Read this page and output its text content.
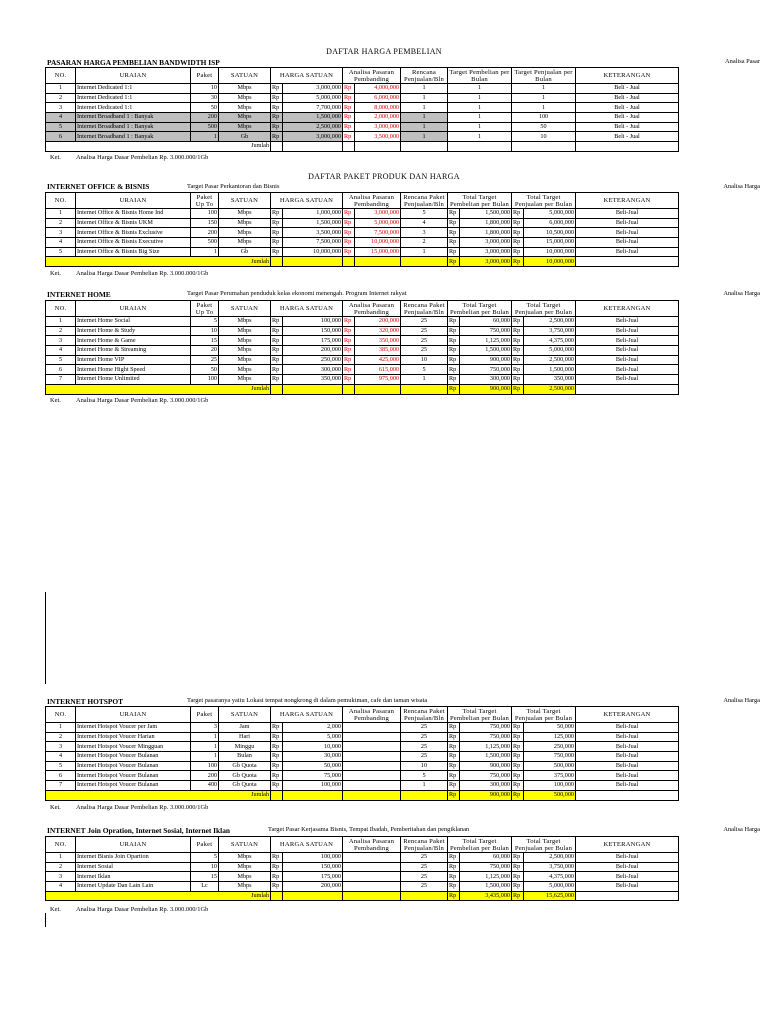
DAFTAR HARGA PEMBELIAN
PASARAN HARGA PEMBELIAN BANDWIDTH ISP	Analisa Pasar
NO.	URAIAN	Paket	SATUAN	HARGA SATUAN		Analisa Pasaran Pembanding		Rencana Penjualan/Bln	Target Pembelian per Bulan	Target Penjualan per Bulan	KETERANGAN
1	Internet Dedicated 1:1	10	Mbps	Rp	3,000,000	Rp	4,000,000	1	1	1	Beli - Jual
2	Internet Dedicated 1:1	30	Mbps	Rp	5,000,000	Rp	6,000,000	1	1	1	Beli - Jual
3	Internet Dedicated 1:1	50	Mbps	Rp	7,700,000	Rp	8,000,000	1	1	1	Beli - Jual
4	Internet Broadband 1 : Banyak	200	Mbps	Rp	1,500,000	Rp	2,000,000	1	1	100	Beli - Jual
5	Internet Broadband 1 : Banyak	500	Mbps	Rp	2,500,000	Rp	3,000,000	1	1	50	Beli - Jual
6	Internet Broadband 1 : Banyak	1	Gb	Rp	3,000,000	Rp	3,500,000	1	1	10	Beli - Jual
Jumlah											
Ket. Analisa Harga Dasar Pembelian Rp. 3.000.000/1Gb
DAFTAR PAKET PRODUK DAN HARGA
INTERNET OFFICE & BISNIS	Target Pasar Perkantoran dan Bisnis	Analisa Harga
NO.	URAIAN	Paket Up To	SATUAN	HARGA SATUAN		Analisa Pasaran Pembanding		Rencana Paket Penjualan/Bln	Total Target Pembelian per Bulan		Total Target Penjualan per Bulan		KETERANGAN
1	Internet Office & Bisnis Home Ind	100	Mbps	Rp	1,000,000	Rp	3,000,000	5	Rp	1,500,000	Rp	5,000,000	Beli-Jual
2	Internet Office & Bisnis UKM	150	Mbps	Rp	1,500,000	Rp	5,000,000	4	Rp	1,800,000	Rp	6,000,000	Beli-Jual
3	Internet Office & Bisnis Exclusive	200	Mbps	Rp	3,500,000	Rp	7,500,000	3	Rp	1,800,000	Rp	10,500,000	Beli-Jual
4	Internet Office & Bisnis Executive	500	Mbps	Rp	7,500,000	Rp	10,000,000	2	Rp	3,000,000	Rp	15,000,000	Beli-Jual
5	Internet Office & Bisnis Big Size	1	Gb	Rp	10,000,000	Rp	15,000,000	1	Rp	3,000,000	Rp	10,000,000	Beli-Jual
Jumlah									Rp	3,000,000	Rp	10,000,000	
Ket. Analisa Harga Dasar Pembelian Rp. 3.000.000/1Gb
INTERNET HOME	Target Pasar Perumahan penduduk kelas ekonomi menengah. Program Internet rakyat	Analisa Harga
NO.	URAIAN	Paket Up To	SATUAN	HARGA SATUAN		Analisa Pasaran Pembanding		Rencana Paket Penjualan/Bln	Total Target Pembelian per Bulan		Total Target Penjualan per Bulan		KETERANGAN
1	Internet Home Social	5	Mbps	Rp	100,000	Rp	200,000	25	Rp	60,000	Rp	2,500,000	Beli-Jual
2	Internet Home & Study	10	Mbps	Rp	150,000	Rp	320,000	25	Rp	750,000	Rp	3,750,000	Beli-Jual
3	Internet Home & Game	15	Mbps	Rp	175,000	Rp	350,000	25	Rp	1,125,000	Rp	4,375,000	Beli-Jual
4	Internet Home & Streaming	20	Mbps	Rp	200,000	Rp	385,000	25	Rp	1,500,000	Rp	5,000,000	Beli-Jual
5	Internet Home VIP	25	Mbps	Rp	250,000	Rp	425,000	10	Rp	900,000	Rp	2,500,000	Beli-Jual
6	Internet Home Hight Speed	50	Mbps	Rp	300,000	Rp	615,000	5	Rp	750,000	Rp	1,500,000	Beli-Jual
7	Internet Home Unlimited	100	Mbps	Rp	350,000	Rp	975,000	1	Rp	300,000	Rp	350,000	Beli-Jual
Jumlah									Rp	900,000	Rp	2,500,000	
Ket. Analisa Harga Dasar Pembelian Rp. 3.000.000/1Gb
INTERNET HOTSPOT	Target pasaranya yaitu Lokasi tempat nongkrong di dalam pemukiman, cafe dan taman wisata	Analisa Harga
NO.	URAIAN	Paket	SATUAN	HARGA SATUAN		Analisa Pasaran Pembanding	Rencana Paket Penjualan/Bln	Total Target Pembelian per Bulan		Total Target Penjualan per Bulan		KETERANGAN
1	Internet Hotspot Voucer per Jam	3	Jam	Rp	2,000		25	Rp	750,000	Rp	50,000	Beli-Jual
2	Internet Hotspot Voucer Harian	1	Hari	Rp	5,000		25	Rp	750,000	Rp	125,000	Beli-Jual
3	Internet Hotspot Voucer Mingguan	1	Minggu	Rp	10,000		25	Rp	1,125,000	Rp	250,000	Beli-Jual
4	Internet Hotspot Voucer Bulanan	1	Bulan	Rp	30,000		25	Rp	1,500,000	Rp	750,000	Beli-Jual
5	Internet Hotspot Voucer Bulanan	100	Gb Quota	Rp	50,000		10	Rp	900,000	Rp	500,000	Beli-Jual
6	Internet Hotspot Voucer Bulanan	200	Gb Quota	Rp	75,000		5	Rp	750,000	Rp	375,000	Beli-Jual
7	Internet Hotspot Voucer Bulanan	400	Gb Quota	Rp	100,000		1	Rp	300,000	Rp	100,000	Beli-Jual
Jumlah								Rp	900,000	Rp	500,000	
Ket. Analisa Harga Dasar Pembelian Rp. 3.000.000/1Gb
INTERNET Join Opration, Internet Sosial, Internet Iklan	Target Pasar Kerjasama Bisnis, Tempat Ibadah, Pemberitahan dan pengiklanan	Analisa Harga
NO.	URAIAN	Paket	SATUAN	HARGA SATUAN		Analisa Pasaran Pembanding	Rencana Paket Penjualan/Bln	Total Target Pembelian per Bulan		Total Target Penjualan per Bulan		KETERANGAN
1	Internet Bisnis Join Opartion	5	Mbps	Rp	100,000		25	Rp	60,000	Rp	2,500,000	Beli-Jual
2	Internet Sosial	10	Mbps	Rp	150,000		25	Rp	750,000	Rp	3,750,000	Beli-Jual
3	Internet Iklan	15	Mbps	Rp	175,000		25	Rp	1,125,000	Rp	4,375,000	Beli-Jual
4	Internet Update Dan Lain Lain	Lc	Mbps	Rp	200,000		25	Rp	1,500,000	Rp	5,000,000	Beli-Jual
Jumlah								Rp	3,435,000	Rp	15,625,000	
Ket. Analisa Harga Dasar Pembelian Rp. 3.000.000/1Gb
